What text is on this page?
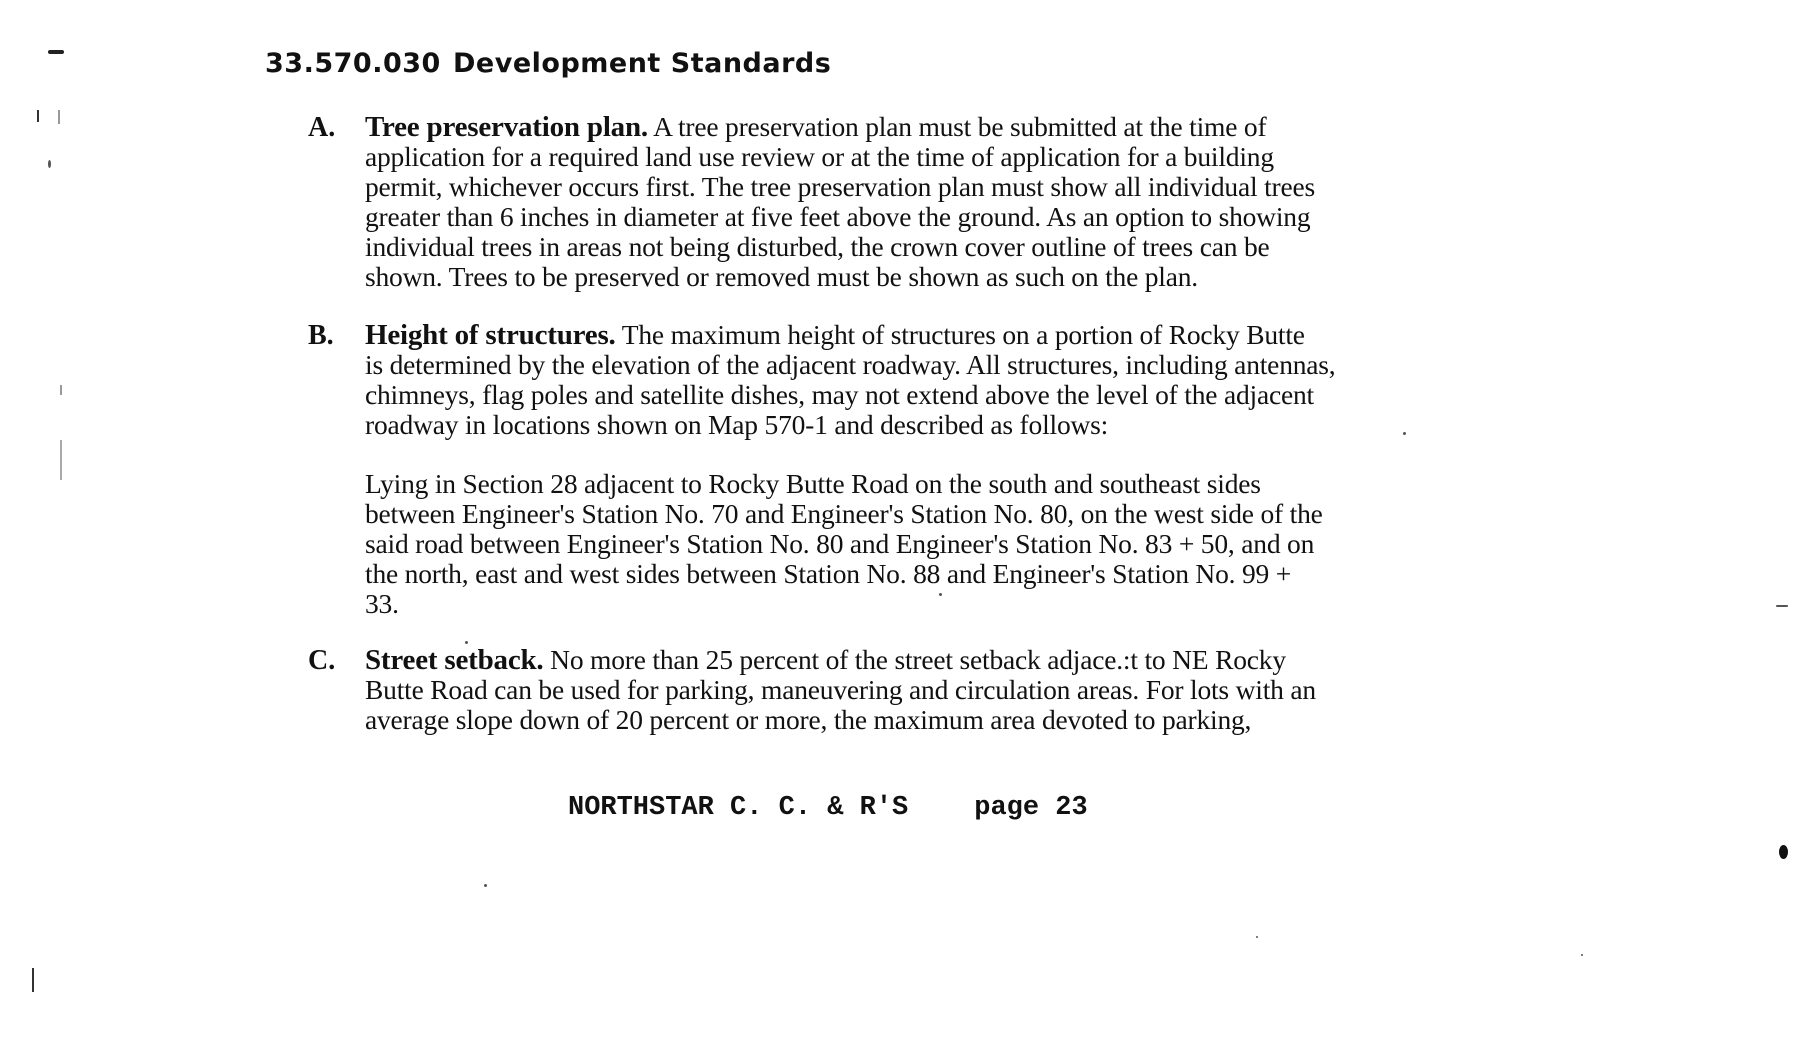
33.570.030 Development Standards
A. Tree preservation plan. A tree preservation plan must be submitted at the time of
application for a required land use review or at the time of application for a building
permit, whichever occurs first. The tree preservation plan must show all individual trees
greater than 6 inches in diameter at five feet above the ground. As an option to showing
individual trees in areas not being disturbed, the crown cover outline of trees can be
shown. Trees to be preserved or removed must be shown as such on the plan.
B. Height of structures. The maximum height of structures on a portion of Rocky Butte
is determined by the elevation of the adjacent roadway. All structures, including antennas,
chimneys, flag poles and satellite dishes, may not extend above the level of the adjacent
roadway in locations shown on Map 570-1 and described as follows:
Lying in Section 28 adjacent to Rocky Butte Road on the south and southeast sides
between Engineer's Station No. 70 and Engineer's Station No. 80, on the west side of the
said road between Engineer's Station No. 80 and Engineer's Station No. 83 + 50, and on
the north, east and west sides between Station No. 88 and Engineer's Station No. 99 +
33.
C. Street setback. No more than 25 percent of the street setback adjace.:t to NE Rocky
Butte Road can be used for parking, maneuvering and circulation areas. For lots with an
average slope down of 20 percent or more, the maximum area devoted to parking,
NORTHSTAR C. C. & R'S page 23
